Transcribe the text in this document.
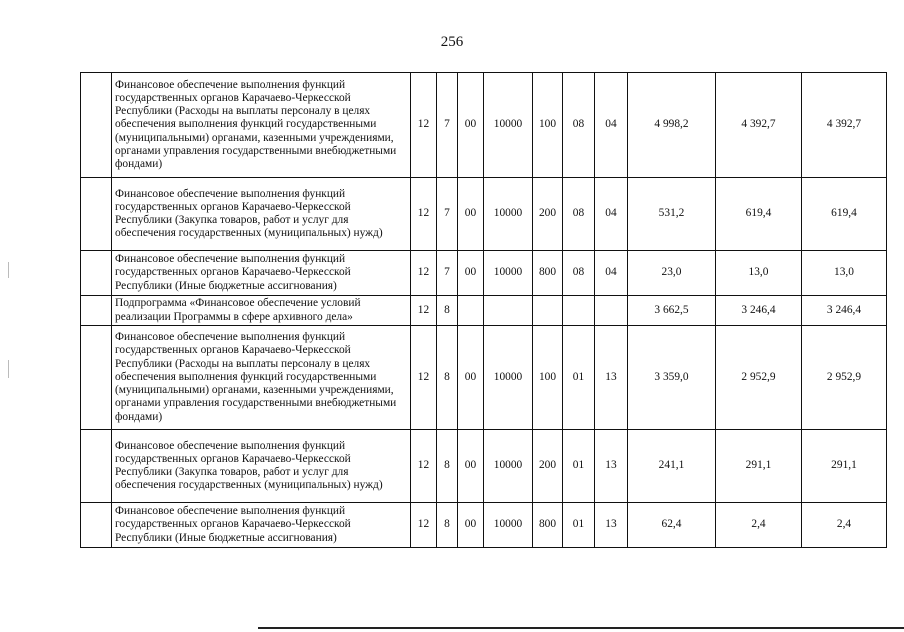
256
	Финансовое обеспечение выполнения функций государственных органов Карачаево-Черкесской Республики (Расходы на выплаты персоналу в целях обеспечения выполнения функций государственными (муниципальными) органами, казенными учреждениями, органами управления государственными внебюджетными фондами)	12	7	00	10000	100	08	04	4 998,2	4 392,7	4 392,7
	Финансовое обеспечение выполнения функций государственных органов Карачаево-Черкесской Республики (Закупка товаров, работ и услуг для обеспечения государственных (муниципальных) нужд)	12	7	00	10000	200	08	04	531,2	619,4	619,4
	Финансовое обеспечение выполнения функций государственных органов Карачаево-Черкесской Республики (Иные бюджетные ассигнования)	12	7	00	10000	800	08	04	23,0	13,0	13,0
	Подпрограмма «Финансовое обеспечение условий реализации Программы в сфере архивного дела»	12	8						3 662,5	3 246,4	3 246,4
	Финансовое обеспечение выполнения функций государственных органов Карачаево-Черкесской Республики (Расходы на выплаты персоналу в целях обеспечения выполнения функций государственными (муниципальными) органами, казенными учреждениями, органами управления государственными внебюджетными фондами)	12	8	00	10000	100	01	13	3 359,0	2 952,9	2 952,9
	Финансовое обеспечение выполнения функций государственных органов Карачаево-Черкесской Республики (Закупка товаров, работ и услуг для обеспечения государственных (муниципальных) нужд)	12	8	00	10000	200	01	13	241,1	291,1	291,1
	Финансовое обеспечение выполнения функций государственных органов Карачаево-Черкесской Республики (Иные бюджетные ассигнования)	12	8	00	10000	800	01	13	62,4	2,4	2,4
